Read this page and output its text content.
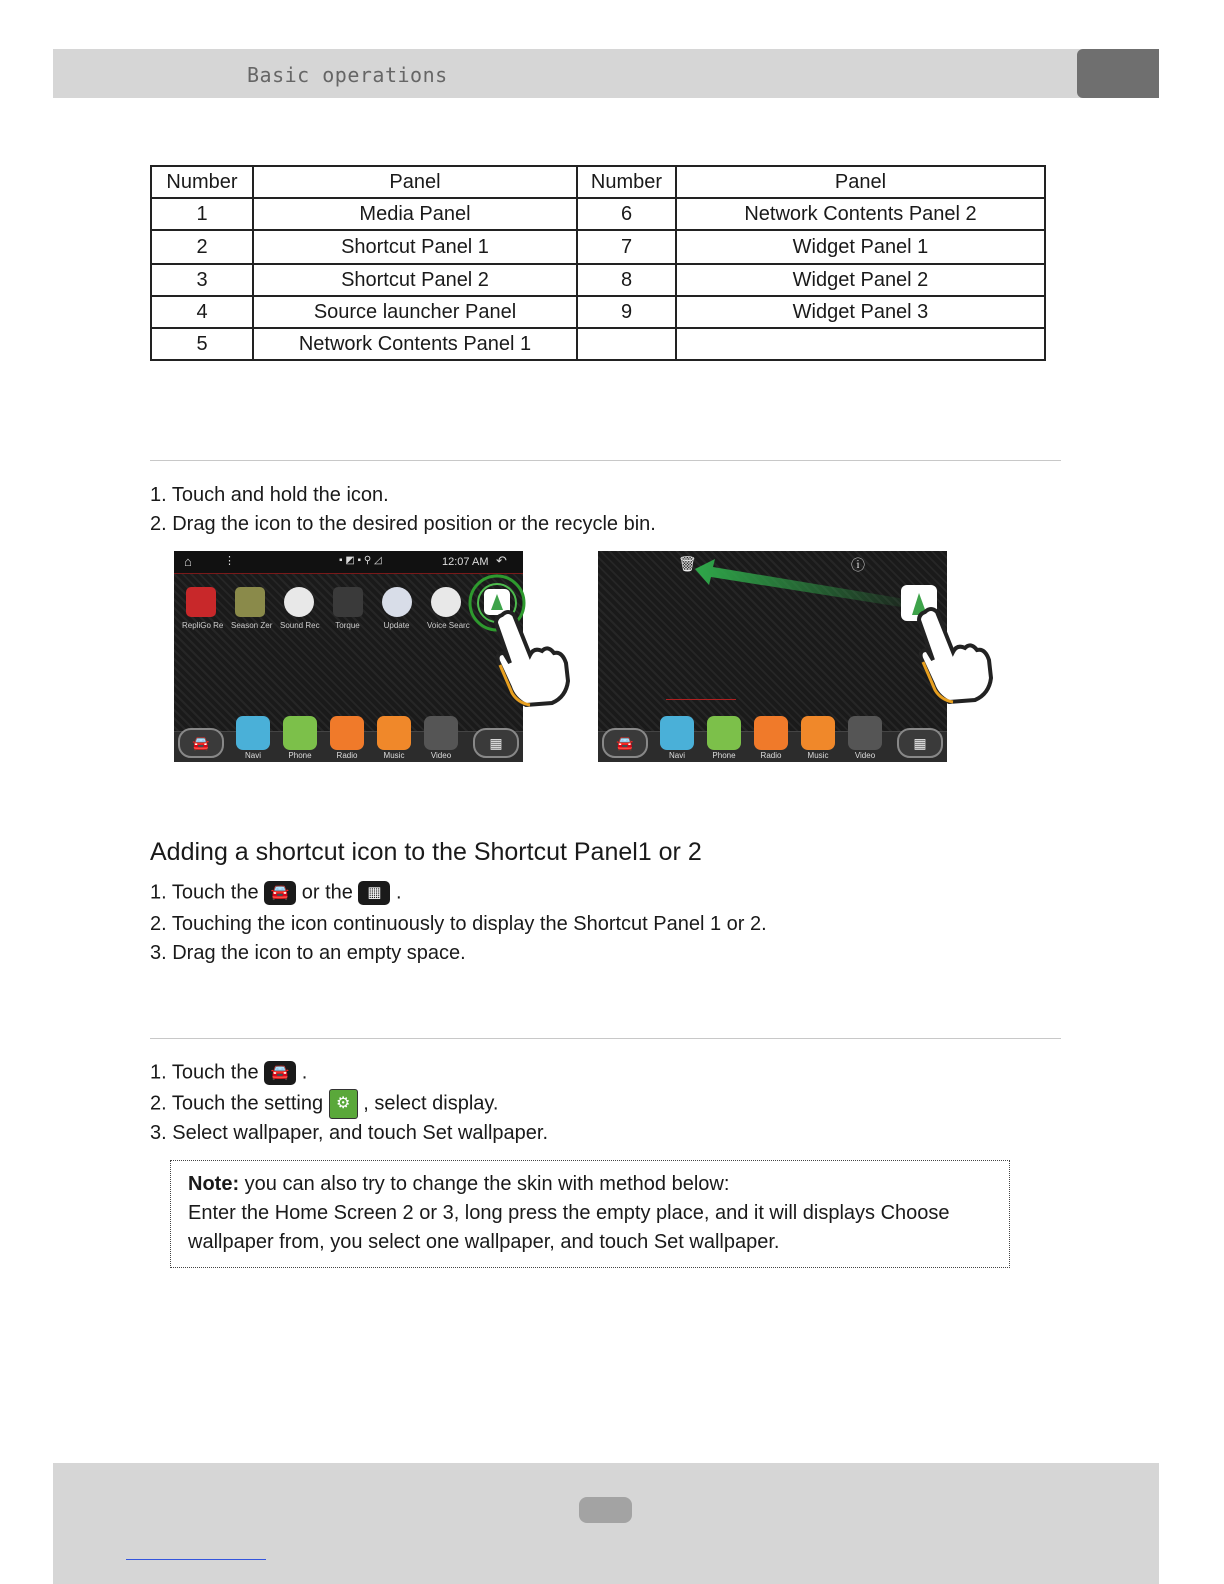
Basic operations
Number	Panel	Number	Panel
1	Media Panel	6	Network Contents Panel 2
2	Shortcut Panel 1	7	Widget Panel 1
3	Shortcut Panel 2	8	Widget Panel 2
4	Source launcher Panel	9	Widget Panel 3
5	Network Contents Panel 1		
1. Touch and hold the icon.
2. Drag the icon to the desired position or the recycle bin.
⌂	⋮	▪ ◩ ▪ ⚲ ◿	12:07 AM ↶
RepliGo Re Season Zer Sound Rec	Torque	Update	Voice Searc
🚘	▦
Navi	Phone	Radio	Music	Video
🗑	ⓘ
🚘	▦
Navi	Phone	Radio	Music	Video
Adding a shortcut icon to the Shortcut Panel1 or 2
1. Touch the 🚘 or the ▦ .
2. Touching the icon continuously to display the Shortcut Panel 1 or 2.
3. Drag the icon to an empty space.
1. Touch the 🚘 .
2. Touch the setting ⚙ , select display.
3. Select wallpaper, and touch Set wallpaper.

Note: you can also try to change the skin with method below:

Enter the Home Screen 2 or 3, long press the empty place, and it will displays Choose

wallpaper from, you select one wallpaper, and touch Set wallpaper.
